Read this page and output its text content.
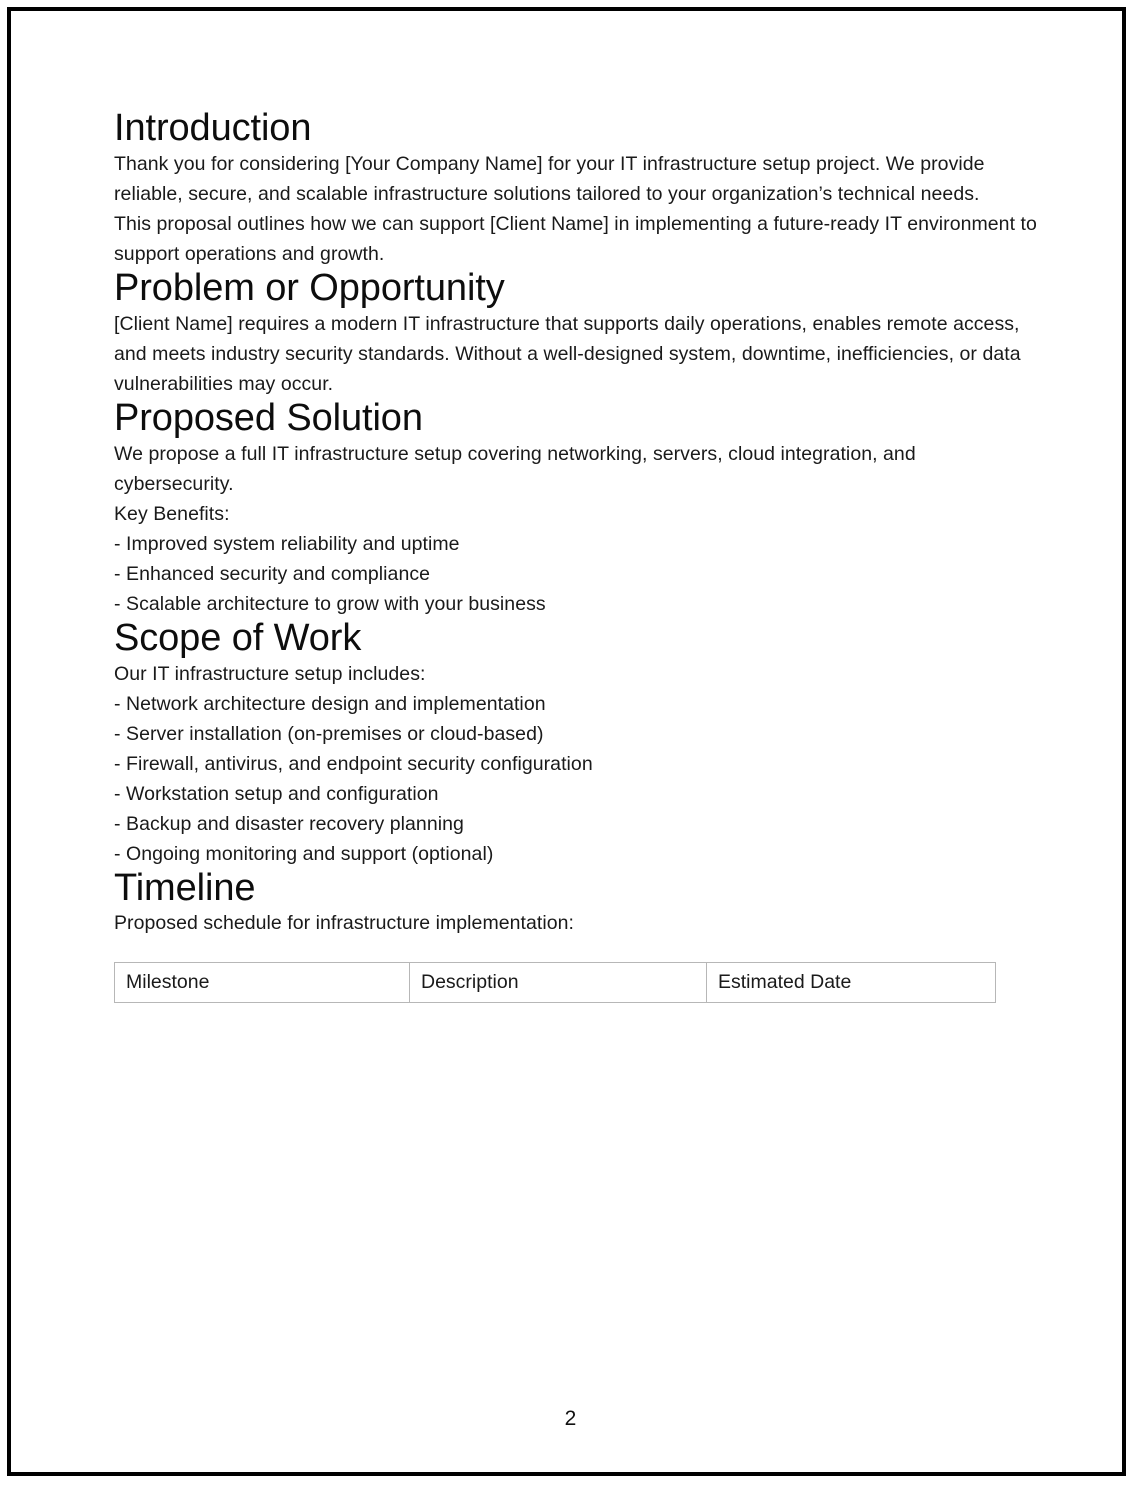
Introduction

Thank you for considering [Your Company Name] for your IT infrastructure setup project. We provide reliable, secure, and scalable infrastructure solutions tailored to your organization’s technical needs.

This proposal outlines how we can support [Client Name] in implementing a future-ready IT environment to support operations and growth.

Problem or Opportunity

[Client Name] requires a modern IT infrastructure that supports daily operations, enables remote access, and meets industry security standards. Without a well-designed system, downtime, inefficiencies, or data vulnerabilities may occur.

Proposed Solution

We propose a full IT infrastructure setup covering networking, servers, cloud integration, and cybersecurity.

Key Benefits:
- Improved system reliability and uptime
- Enhanced security and compliance
- Scalable architecture to grow with your business
Scope of Work

Our IT infrastructure setup includes:

- Network architecture design and implementation
- Server installation (on-premises or cloud-based)
- Firewall, antivirus, and endpoint security configuration
- Workstation setup and configuration
- Backup and disaster recovery planning
- Ongoing monitoring and support (optional)
Timeline

Proposed schedule for infrastructure implementation:

Milestone	Description	Estimated Date
2
